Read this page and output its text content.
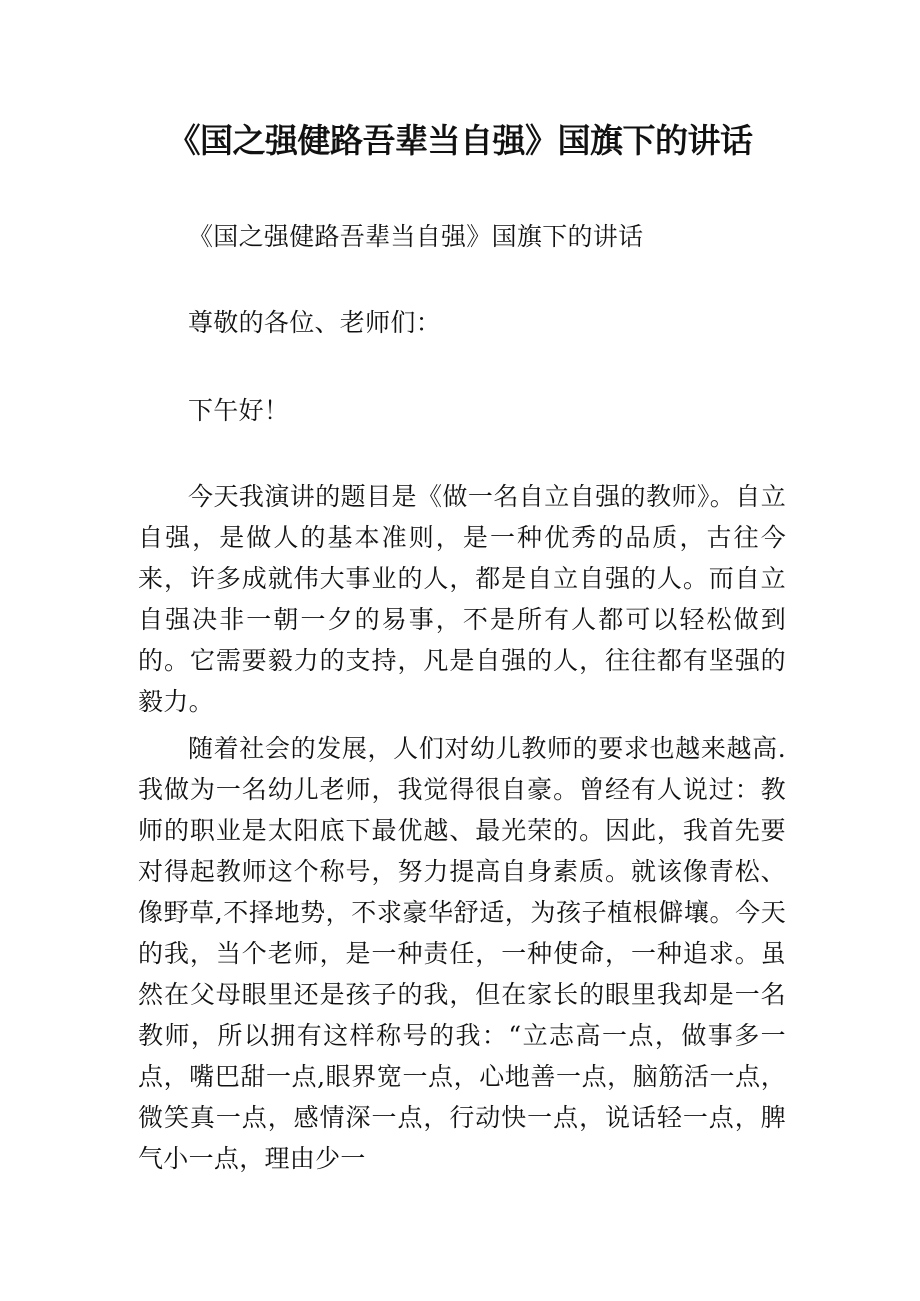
《国之强健路吾辈当自强》国旗下的讲话

《国之强健路吾辈当自强》国旗下的讲话

尊敬的各位、老师们：

下午好！

今天我演讲的题目是《做一名自立自强的教师》。自立自强，是做人的基本准则，是一种优秀的品质，古往今来，许多成就伟大事业的人，都是自立自强的人。而自立自强决非一朝一夕的易事，不是所有人都可以轻松做到的。它需要毅力的支持，凡是自强的人，往往都有坚强的毅力。

随着社会的发展，人们对幼儿教师的要求也越来越高.我做为一名幼儿老师，我觉得很自豪。曾经有人说过：教师的职业是太阳底下最优越、最光荣的。因此，我首先要对得起教师这个称号，努力提高自身素质。就该像青松、像野草,不择地势，不求豪华舒适，为孩子植根僻壤。今天的我，当个老师，是一种责任，一种使命，一种追求。虽然在父母眼里还是孩子的我，但在家长的眼里我却是一名教师，所以拥有这样称号的我：“立志高一点，做事多一点，嘴巴甜一点,眼界宽一点，心地善一点，脑筋活一点，微笑真一点，感情深一点，行动快一点，说话轻一点，脾气小一点，理由少一
